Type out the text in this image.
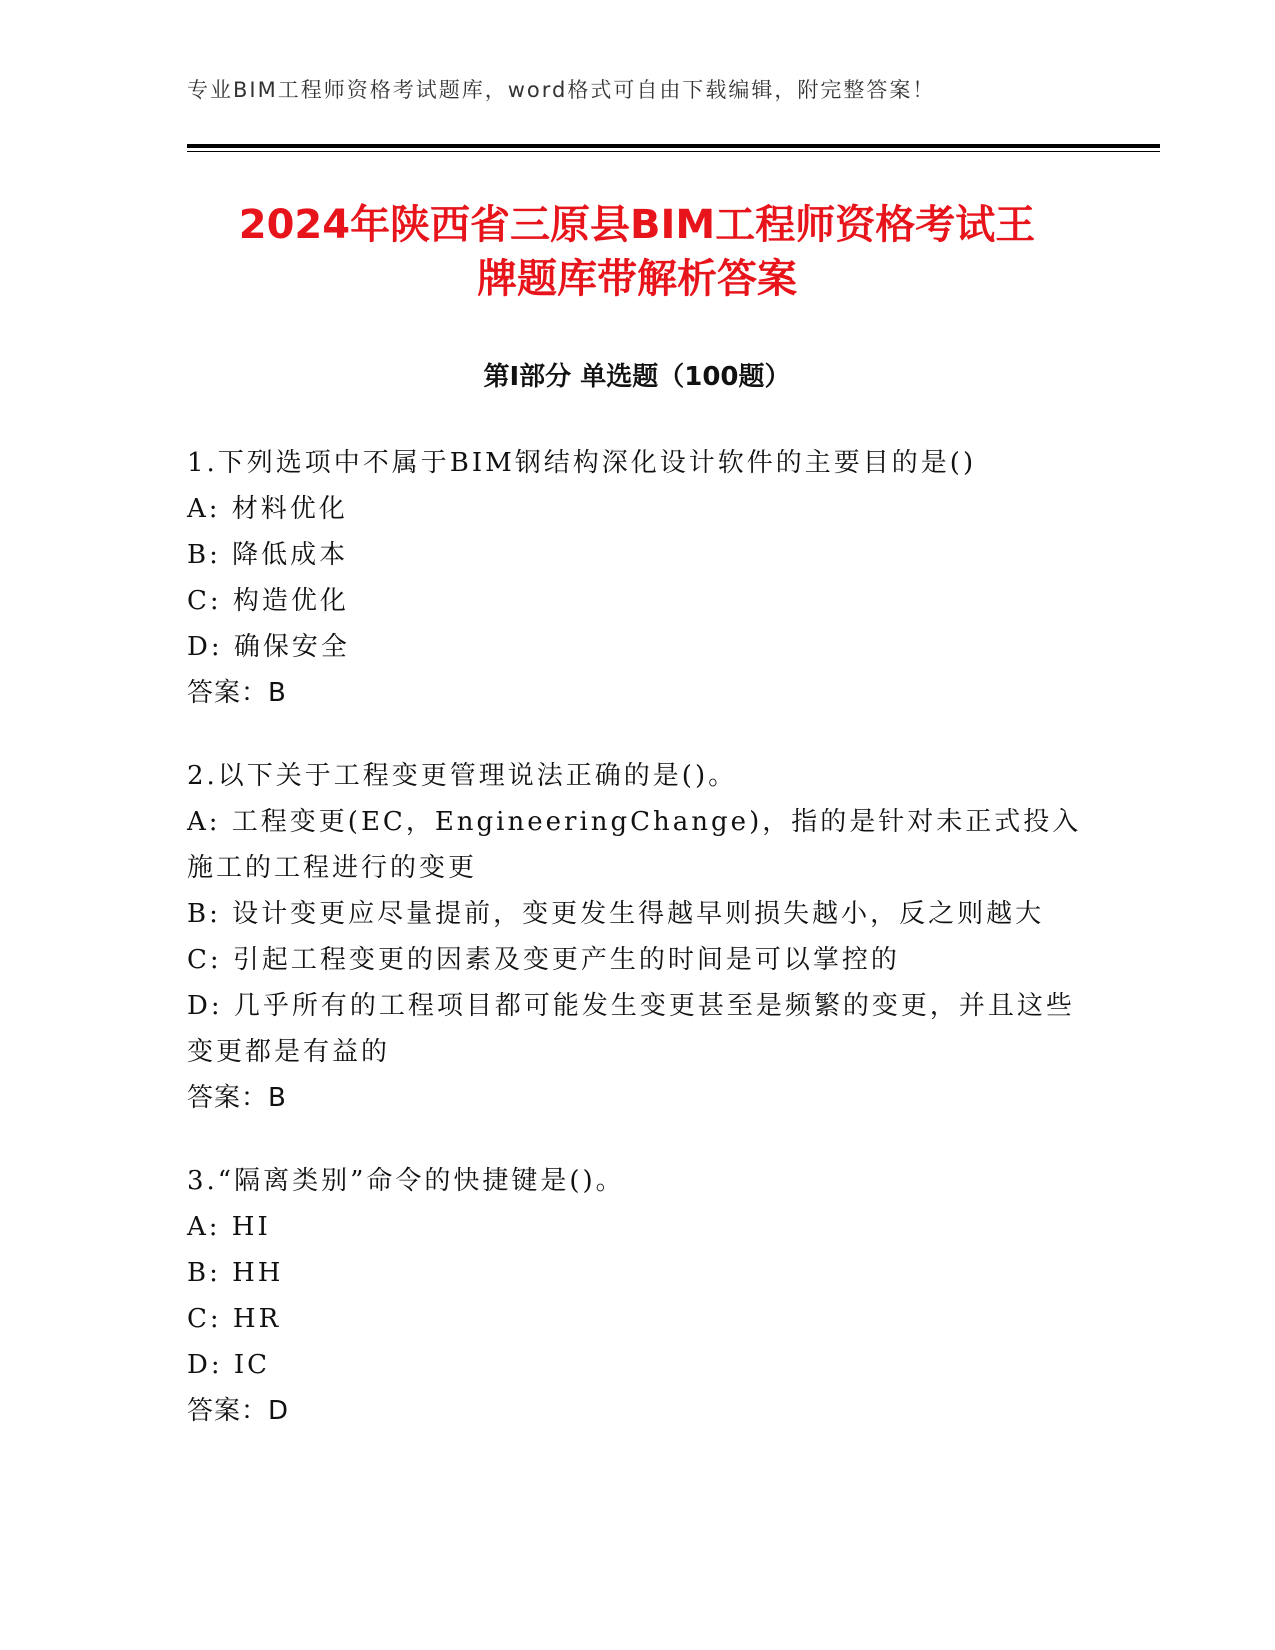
专业BIM工程师资格考试题库，word格式可自由下载编辑，附完整答案！
2024年陕西省三原县BIM工程师资格考试王
牌题库带解析答案
第Ⅰ部分 单选题（100题）
1.下列选项中不属于BIM钢结构深化设计软件的主要目的是()
A: 材料优化
B: 降低成本
C: 构造优化
D: 确保安全
答案：B
2.以下关于工程变更管理说法正确的是()。
A: 工程变更(EC，EngineeringChange)，指的是针对未正式投入施工的工程进行的变更
B: 设计变更应尽量提前，变更发生得越早则损失越小，反之则越大
C: 引起工程变更的因素及变更产生的时间是可以掌控的
D: 几乎所有的工程项目都可能发生变更甚至是频繁的变更，并且这些变更都是有益的
答案：B
3.“隔离类别”命令的快捷键是()。
A: HI
B: HH
C: HR
D: IC
答案：D
